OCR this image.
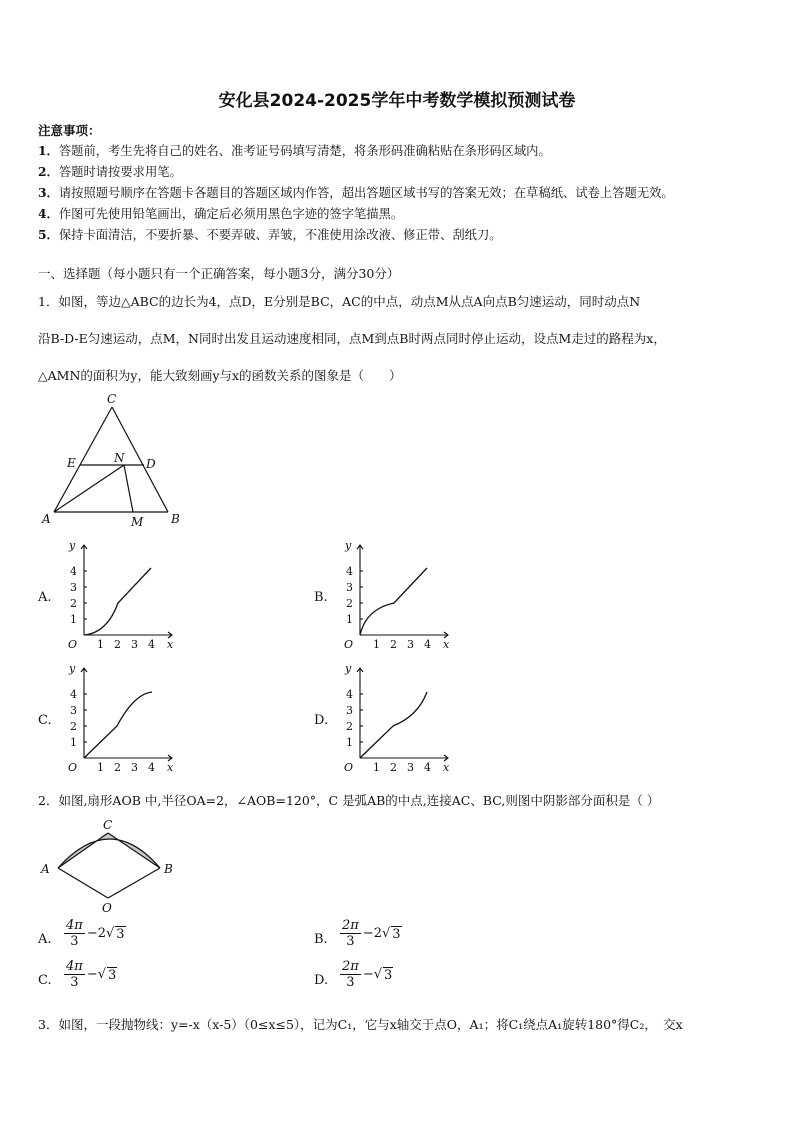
安化县2024-2025学年中考数学模拟预测试卷
注意事项：
1．答题前，考生先将自己的姓名、准考证号码填写清楚，将条形码准确粘贴在条形码区域内。
2．答题时请按要求用笔。
3．请按照题号顺序在答题卡各题目的答题区域内作答，超出答题区域书写的答案无效；在草稿纸、试卷上答题无效。
4．作图可先使用铅笔画出，确定后必须用黑色字迹的签字笔描黑。
5．保持卡面清洁，不要折暴、不要弄破、弄皱，不准使用涂改液、修正带、刮纸刀。
一、选择题（每小题只有一个正确答案，每小题3分，满分30分）
1．如图，等边△ABC的边长为4，点D，E分别是BC，AC的中点，动点M从点A向点B匀速运动，同时动点N
沿B-D-E匀速运动，点M，N同时出发且运动速度相同，点M到点B时两点同时停止运动，设点M走过的路程为x，
△AMN的面积为y，能大致刻画y与x的函数关系的图象是（　　）
C
E	N D
A	M B
A.	B.
C.	D.
y
1
2
3
4
O 1 2 3 4 x
y
1
2
3
4
O 1 2 3 4 x
y
1
2
3
4
O 1 2 3 4 x
y
1
2
3
4
O 1 2 3 4 x
2．如图,扇形AOB 中,半径OA=2，∠AOB=120°，C 是弧AB的中点,连接AC、BC,则图中阴影部分面积是（ ）
A	B
C
O
A. $\frac{4\pi}{3} -2$ √ 3	B. $\frac{2\pi}{3} -2$ √ 3
C. $\frac{4\pi}{3}$ − √ 3	D. $\frac{2\pi}{3}$ − √ 3
3．如图，一段抛物线：y=-x（x-5）（0≤x≤5），记为C₁，它与x轴交于点O，A₁；将C₁绕点A₁旋转180°得C₂，　交x
